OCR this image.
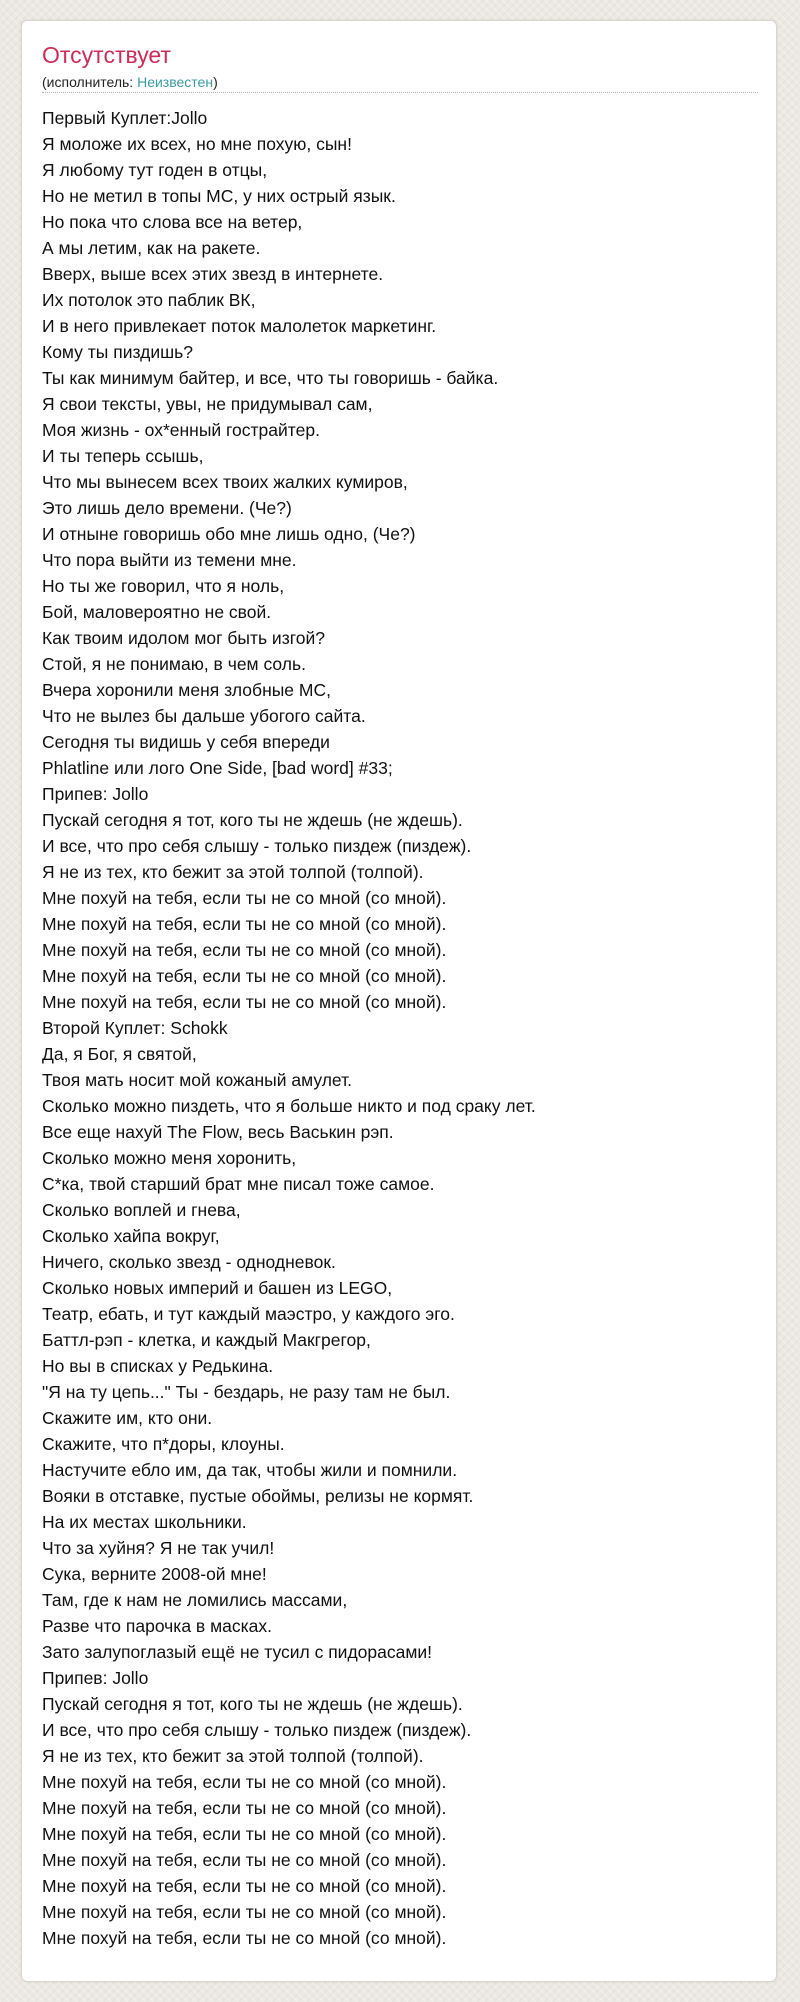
Отсутствует
(исполнитель: Неизвестен)
Первый Куплет:Jollo
Я моложе их всех, но мне похую, сын!
Я любому тут годен в отцы,
Но не метил в топы MC, у них острый язык.
Но пока что слова все на ветер,
А мы летим, как на ракете.
Вверх, выше всех этих звезд в интернете.
Их потолок это паблик ВК,
И в него привлекает поток малолеток маркетинг.
Кому ты пиздишь?
Ты как минимум байтер, и все, что ты говоришь - байка.
Я свои тексты, увы, не придумывал сам,
Моя жизнь - ох*енный гострайтер.
И ты теперь ссышь,
Что мы вынесем всех твоих жалких кумиров,
Это лишь дело времени. (Че?)
И отныне говоришь обо мне лишь одно, (Че?)
Что пора выйти из темени мне.
Но ты же говорил, что я ноль,
Бой, маловероятно не свой.
Как твоим идолом мог быть изгой?
Стой, я не понимаю, в чем соль.
Вчера хоронили меня злобные MC,
Что не вылез бы дальше убогого сайта.
Сегодня ты видишь у себя впереди
Phlatline или лого One Side, [bad word] #33;
Припев: Jollo
Пускай сегодня я тот, кого ты не ждешь (не ждешь).
И все, что про себя слышу - только пиздеж (пиздеж).
Я не из тех, кто бежит за этой толпой (толпой).
Мне похуй на тебя, если ты не со мной (со мной).
Мне похуй на тебя, если ты не со мной (со мной).
Мне похуй на тебя, если ты не со мной (со мной).
Мне похуй на тебя, если ты не со мной (со мной).
Мне похуй на тебя, если ты не со мной (со мной).
Второй Куплет: Schokk
Да, я Бог, я святой,
Твоя мать носит мой кожаный амулет.
Сколько можно пиздеть, что я больше никто и под сраку лет.
Все еще нахуй The Flow, весь Васькин рэп.
Сколько можно меня хоронить,
С*ка, твой старший брат мне писал тоже самое.
Сколько воплей и гнева,
Сколько хайпа вокруг,
Ничего, сколько звезд - однодневок.
Сколько новых империй и башен из LEGO,
Театр, ебать, и тут каждый маэстро, у каждого эго.
Баттл-рэп - клетка, и каждый Макгрегор,
Но вы в списках у Редькина.
"Я на ту цепь..." Ты - бездарь, не разу там не был.
Скажите им, кто они.
Скажите, что п*доры, клоуны.
Настучите ебло им, да так, чтобы жили и помнили.
Вояки в отставке, пустые обоймы, релизы не кормят.
На их местах школьники.
Что за хуйня? Я не так учил!
Сука, верните 2008-ой мне!
Там, где к нам не ломились массами,
Разве что парочка в масках.
Зато залупоглазый ещё не тусил с пидорасами!
Припев: Jollo
Пускай сегодня я тот, кого ты не ждешь (не ждешь).
И все, что про себя слышу - только пиздеж (пиздеж).
Я не из тех, кто бежит за этой толпой (толпой).
Мне похуй на тебя, если ты не со мной (со мной).
Мне похуй на тебя, если ты не со мной (со мной).
Мне похуй на тебя, если ты не со мной (со мной).
Мне похуй на тебя, если ты не со мной (со мной).
Мне похуй на тебя, если ты не со мной (со мной).
Мне похуй на тебя, если ты не со мной (со мной).
Мне похуй на тебя, если ты не со мной (со мной).
